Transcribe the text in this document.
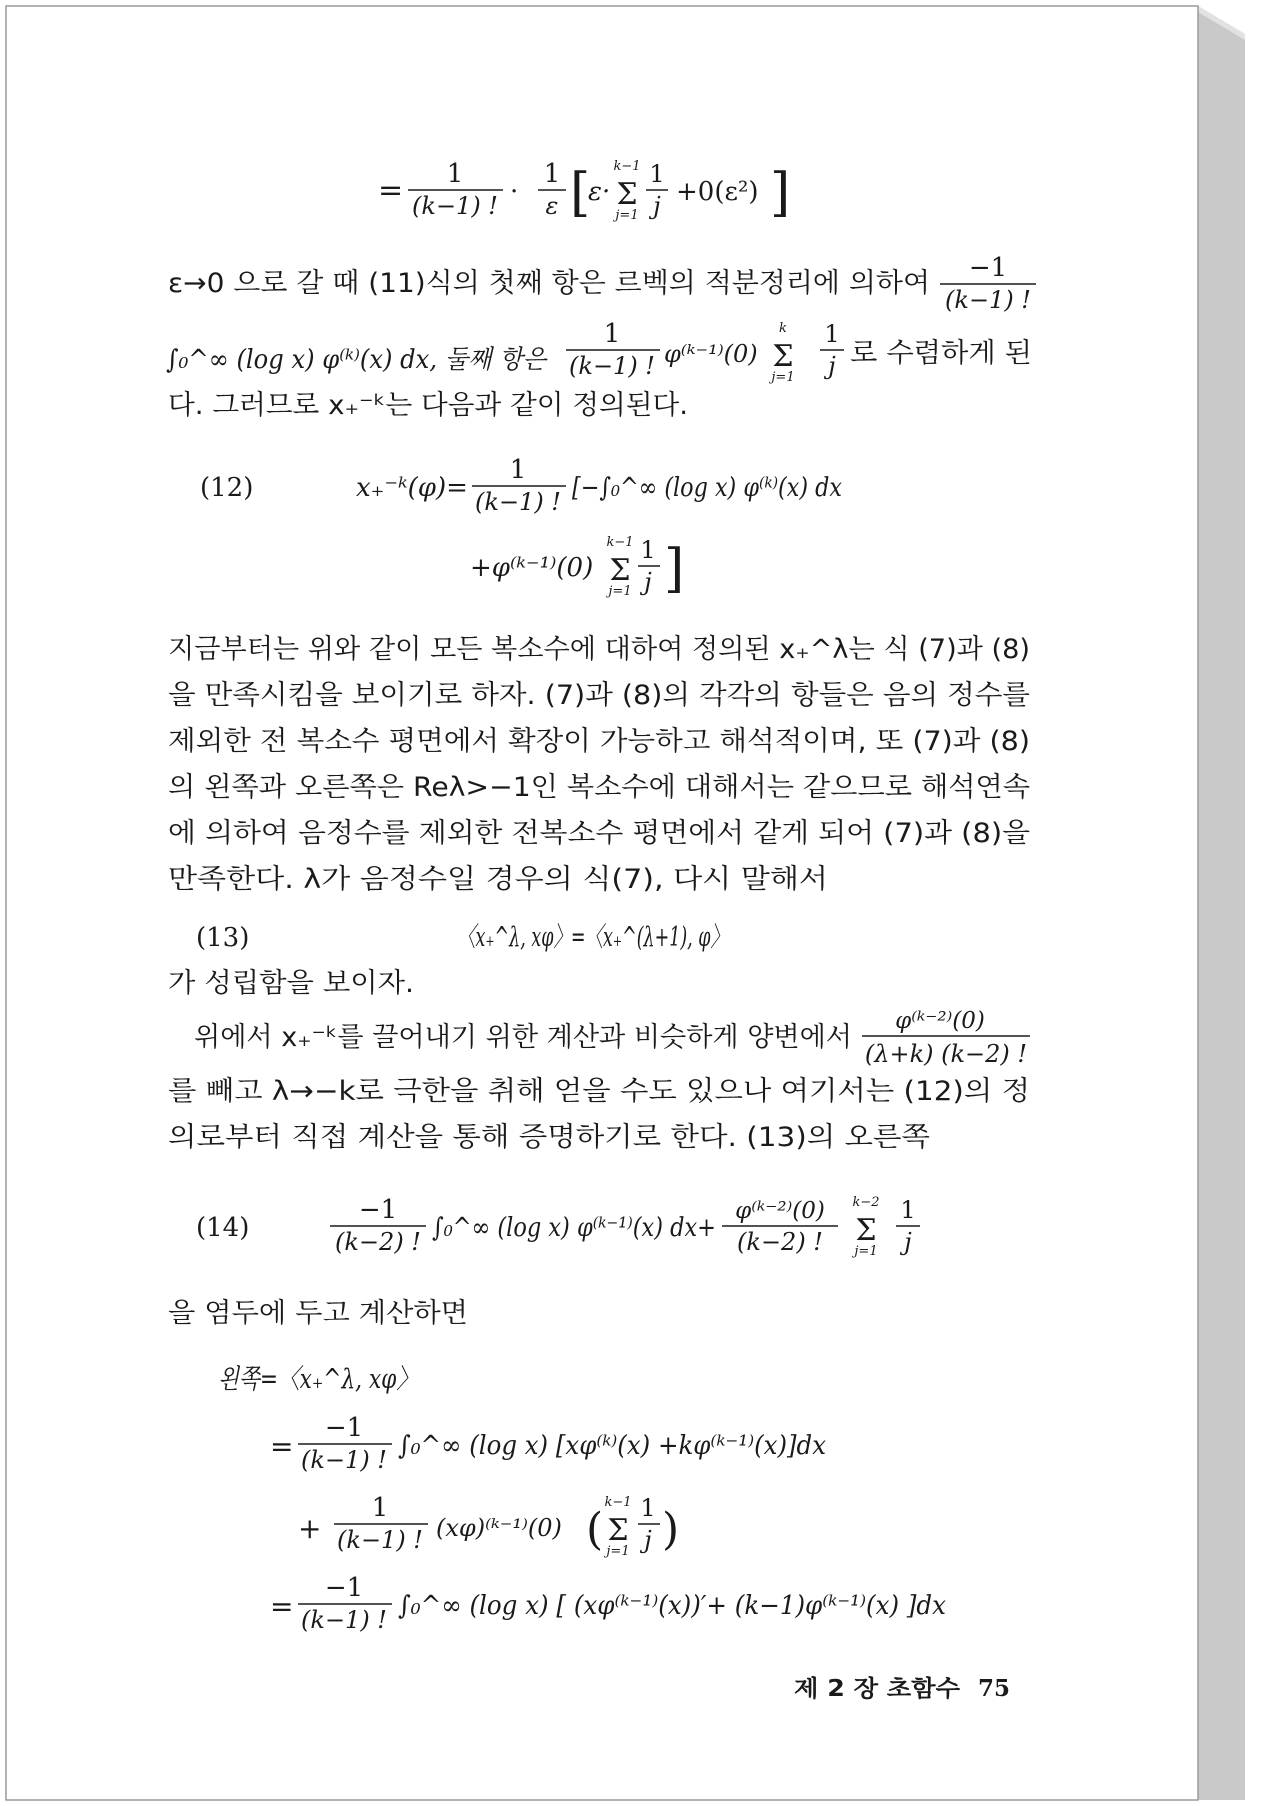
= 1
(k−1) ! ·
1
ε [
ε·
k−1
Σ
j=1
1
j +0(ε²) ]
ε→0 으로 갈 때 (11)식의 첫째 항은 르벡의 적분정리에 의하여 −1
(k−1) !
∫₀^∞ (log x) φ⁽ᵏ⁾(x) dx, 둘째 항은
1
(k−1) ! φ⁽ᵏ⁻¹⁾(0)
k
Σ
j=1
1
j 로 수렴하게 된
다. 그러므로 x₊⁻ᵏ는 다음과 같이 정의된다.
(12)	x₊⁻ᵏ(φ)=
1
(k−1) ! [−∫₀^∞ (log x) φ⁽ᵏ⁾(x) dx
+φ⁽ᵏ⁻¹⁾(0)
k−1
Σ
j=1
1
j ]
지금부터는 위와 같이 모든 복소수에 대하여 정의된 x₊^λ는 식 (7)과 (8)
을 만족시킴을 보이기로 하자. (7)과 (8)의 각각의 항들은 음의 정수를
제외한 전 복소수 평면에서 확장이 가능하고 해석적이며, 또 (7)과 (8)
의 왼쪽과 오른쪽은 Reλ>−1인 복소수에 대해서는 같으므로 해석연속
에 의하여 음정수를 제외한 전복소수 평면에서 같게 되어 (7)과 (8)을
만족한다. λ가 음정수일 경우의 식(7), 다시 말해서
(13)	〈x₊^λ, xφ〉=〈x₊^(λ+1), φ〉
가 성립함을 보이자.
위에서 x₊⁻ᵏ를 끌어내기 위한 계산과 비슷하게 양변에서
φ⁽ᵏ⁻²⁾(0)
(λ+k) (k−2) !
를 빼고 λ→−k로 극한을 취해 얻을 수도 있으나 여기서는 (12)의 정
의로부터 직접 계산을 통해 증명하기로 한다. (13)의 오른쪽
(14)
−1
(k−2) ! ∫₀^∞ (log x) φ⁽ᵏ⁻¹⁾(x) dx+
φ⁽ᵏ⁻²⁾(0)
(k−2) !
k−2
Σ
j=1
1
j
을 염두에 두고 계산하면
왼쪽=〈x₊^λ, xφ〉
=
−1
(k−1) ! ∫₀^∞ (log x) [xφ⁽ᵏ⁾(x) +kφ⁽ᵏ⁻¹⁾(x)]dx
+
1
(k−1) ! (xφ)⁽ᵏ⁻¹⁾(0) (
k−1
Σ
j=1
1
j )
=
−1
(k−1) ! ∫₀^∞ (log x) [ (xφ⁽ᵏ⁻¹⁾(x))′+ (k−1)φ⁽ᵏ⁻¹⁾(x) ]dx
제 2 장 초함수	75
